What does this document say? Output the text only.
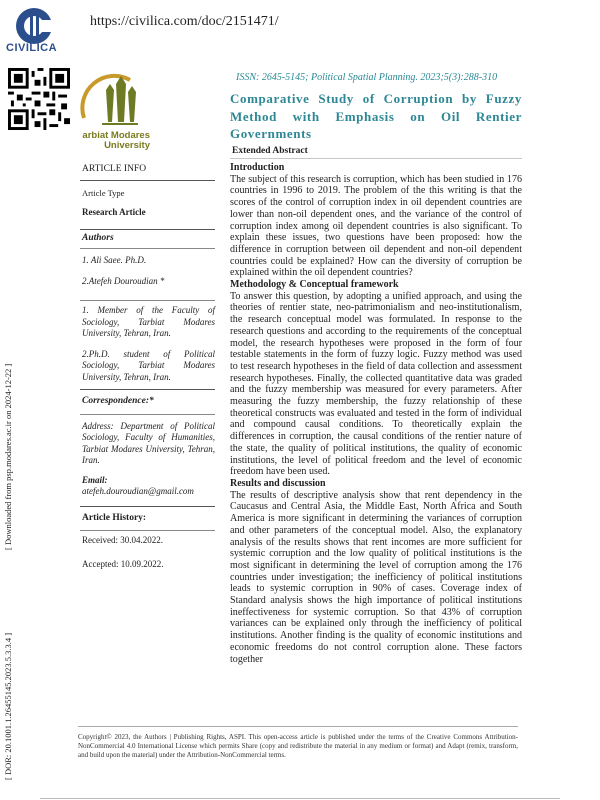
CIVILICA
https://civilica.com/doc/2151471/
arbiat Modares University
ISSN: 2645-5145; Political Spatial Planning. 2023;5(3):288-310
Comparative Study of Corruption by Fuzzy
Method with Emphasis on Oil Rentier
Governments
Extended Abstract
ARTICLE INFO
Article Type
Research Article
Authors

1. Ali Saee. Ph.D.

2.Atefeh Douroudian *

1. Member of the Faculty of Sociology, Tarbiat Modares University, Tehran, Iran.

2.Ph.D. student of Political Sociology, Tarbiat Modares University, Tehran, Iran.

Correspondence:*

Address: Department of Political Sociology, Faculty of Humanities, Tarbiat Modares University, Tehran, Iran.

Email:

atefeh.douroudian@gmail.com

Article History:

Received: 30.04.2022.

Accepted: 10.09.2022.

Introduction

The subject of this research is corruption, which has been studied in 176 countries in 1996 to 2019. The problem of the this writing is that the scores of the control of corruption index in oil dependent countries are lower than non-oil dependent ones, and the variance of the control of corruption index among oil dependent countries is also significant. To explain these issues, two questions have been proposed: how the difference in corruption between oil dependent and non-oil dependent countries could be explained? How can the diversity of corruption be explained within the oil dependent countries?

Methodology & Conceptual framework

To answer this question, by adopting a unified approach, and using the theories of rentier state, neo-patrimonialism and neo-institutionalism, the research conceptual model was formulated. In response to the research questions and according to the requirements of the conceptual model, the research hypotheses were proposed in the form of four testable statements in the form of fuzzy logic. Fuzzy method was used to test research hypotheses in the field of data collection and assessment research hypotheses. Finally, the collected quantitative data was graded and the fuzzy membership was measured for every parameters. After measuring the fuzzy membership, the fuzzy relationship of these theoretical constructs was evaluated and tested in the form of individual and compound causal conditions. To theoretically explain the differences in corruption, the causal conditions of the rentier nature of the state, the quality of political institutions, the quality of economic institutions, the level of political freedom and the level of economic freedom have been used.

Results and discussion

The results of descriptive analysis show that rent dependency in the Caucasus and Central Asia, the Middle East, North Africa and South America is more significant in determining the variances of corruption and other parameters of the conceptual model. Also, the explanatory analysis of the results shows that rent incomes are more sufficient for systemic corruption and the low quality of political institutions is the most significant in determining the level of corruption among the 176 countries under investigation; the inefficiency of political institutions leads to systemic corruption in 90% of cases. Coverage index of Standard analysis shows the high importance of political institutions ineffectiveness for systemic corruption. So that 43% of corruption variances can be explained only through the inefficiency of political institutions. Another finding is the quality of economic institutions and economic freedoms do not control corruption alone. These factors together

[ Downloaded from psp.modares.ac.ir on 2024-12-22 ]
[ DOR: 20.1001.1.26455145.2023.5.3.3.4 ]	Copyright© 2023, the Authors | Publishing Rights, ASPI. This open-access article is published under the terms of the Creative Commons Attribution-NonCommercial 4.0 International License which permits Share (copy and redistribute the material in any medium or format) and Adapt (remix, transform, and build upon the material) under the Attribution-NonCommercial terms.
